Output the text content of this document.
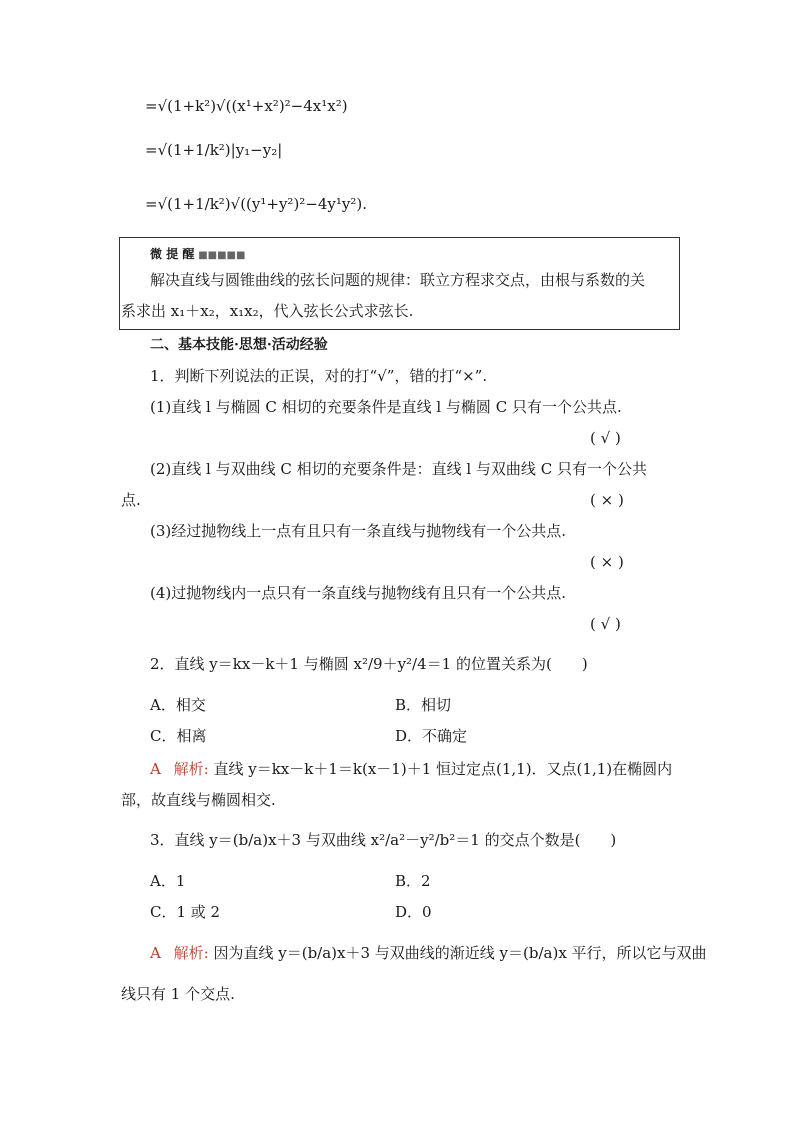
=√(1+k²)√((x¹+x²)²−4x¹x²)
=√(1+1/k²)|y₁−y₂|
=√(1+1/k²)√((y¹+y²)²−4y¹y²).
微 提 醒 ■■■■■
解决直线与圆锥曲线的弦长问题的规律：联立方程求交点，由根与系数的关
系求出 x₁＋x₂，x₁x₂，代入弦长公式求弦长.
二、基本技能·思想·活动经验
1．判断下列说法的正误，对的打“√”，错的打“×”.
(1)直线 l 与椭圆 C 相切的充要条件是直线 l 与椭圆 C 只有一个公共点.
( √ )
(2)直线 l 与双曲线 C 相切的充要条件是：直线 l 与双曲线 C 只有一个公共
点.	( × )
(3)经过抛物线上一点有且只有一条直线与抛物线有一个公共点.
( × )
(4)过抛物线内一点只有一条直线与抛物线有且只有一个公共点.
( √ )
2．直线 y＝kx－k＋1 与椭圆 x²/9＋y²/4＝1 的位置关系为(　　)
A．相交	B．相切
C．相离	D．不确定
A 解析: 直线 y＝kx－k＋1＝k(x－1)＋1 恒过定点(1,1)．又点(1,1)在椭圆内
部，故直线与椭圆相交.
3．直线 y＝(b/a)x＋3 与双曲线 x²/a²－y²/b²＝1 的交点个数是(　　)
A．1	B．2
C．1 或 2	D．0
A 解析: 因为直线 y＝(b/a)x＋3 与双曲线的渐近线 y＝(b/a)x 平行，所以它与双曲
线只有 1 个交点.
